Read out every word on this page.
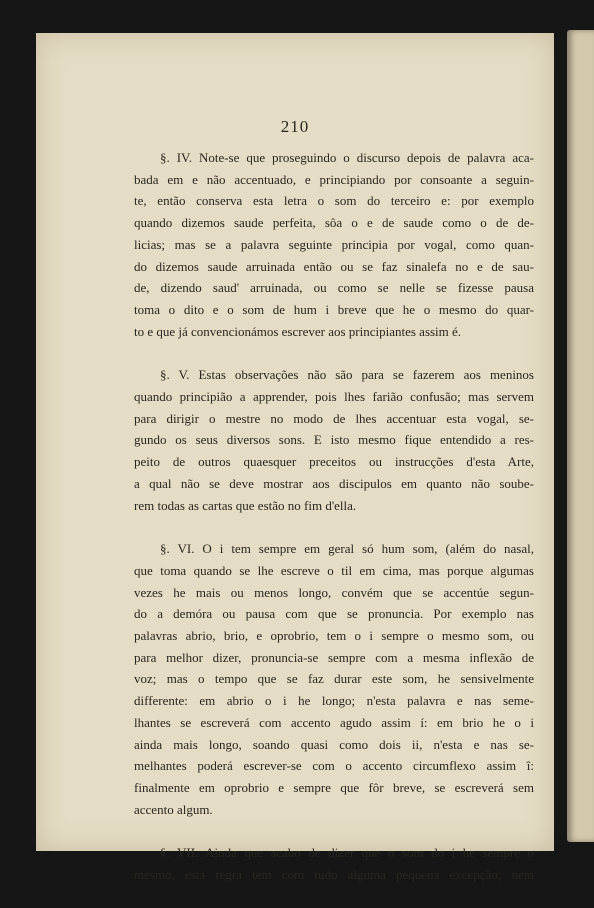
210
§. IV. Note-se que proseguindo o discurso depois de palavra aca-
bada em e não accentuado, e principiando por consoante a seguin-
te, então conserva esta letra o som do terceiro e: por exemplo
quando dizemos saude perfeita, sôa o e de saude como o de de-
licias; mas se a palavra seguinte principia por vogal, como quan-
do dizemos saude arruinada então ou se faz sinalefa no e de sau-
de, dizendo saud' arruinada, ou como se nelle se fizesse pausa
toma o dito e o som de hum i breve que he o mesmo do quar-
to e que já convencionámos escrever aos principiantes assim é.
§. V. Estas observações não são para se fazerem aos meninos
quando principião a apprender, pois lhes farião confusão; mas servem
para dirigir o mestre no modo de lhes accentuar esta vogal, se-
gundo os seus diversos sons. E isto mesmo fique entendido a res-
peito de outros quaesquer preceitos ou instrucções d'esta Arte,
a qual não se deve mostrar aos discipulos em quanto não soube-
rem todas as cartas que estão no fim d'ella.
§. VI. O i tem sempre em geral só hum som, (além do nasal,
que toma quando se lhe escreve o til em cima, mas porque algumas
vezes he mais ou menos longo, convém que se accentúe segun-
do a demóra ou pausa com que se pronuncia. Por exemplo nas
palavras abrio, brio, e oprobrio, tem o i sempre o mesmo som, ou
para melhor dizer, pronuncia-se sempre com a mesma inflexão de
voz; mas o tempo que se faz durar este som, he sensivelmente
differente: em abrio o i he longo; n'esta palavra e nas seme-
lhantes se escreverá com accento agudo assim í: em brio he o i
ainda mais longo, soando quasi como dois ii, n'esta e nas se-
melhantes poderá escrever-se com o accento circumflexo assim î:
finalmente em oprobrio e sempre que fôr breve, se escreverá sem
accento algum.
§. VII. Ainda que acabo de dizer que o som do i he sempre o
mesmo, esta regra tem com tudo alguma pequena excepção; nem
